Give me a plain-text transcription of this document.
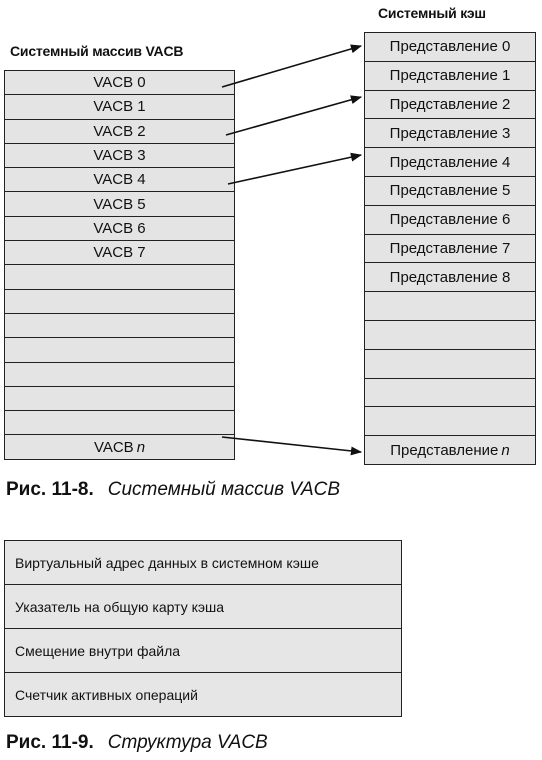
Системный массив VACB
Системный кэш
VACB 0
VACB 1
VACB 2
VACB 3
VACB 4
VACB 5
VACB 6
VACB 7
VACB n
Представление 0
Представление 1
Представление 2
Представление 3
Представление 4
Представление 5
Представление 6
Представление 7
Представление 8
Представление n
Рис. 11-8. Системный массив VACB
Виртуальный адрес данных в системном кэше
Указатель на общую карту кэша
Смещение внутри файла
Счетчик активных операций
Рис. 11-9. Структура VACB
